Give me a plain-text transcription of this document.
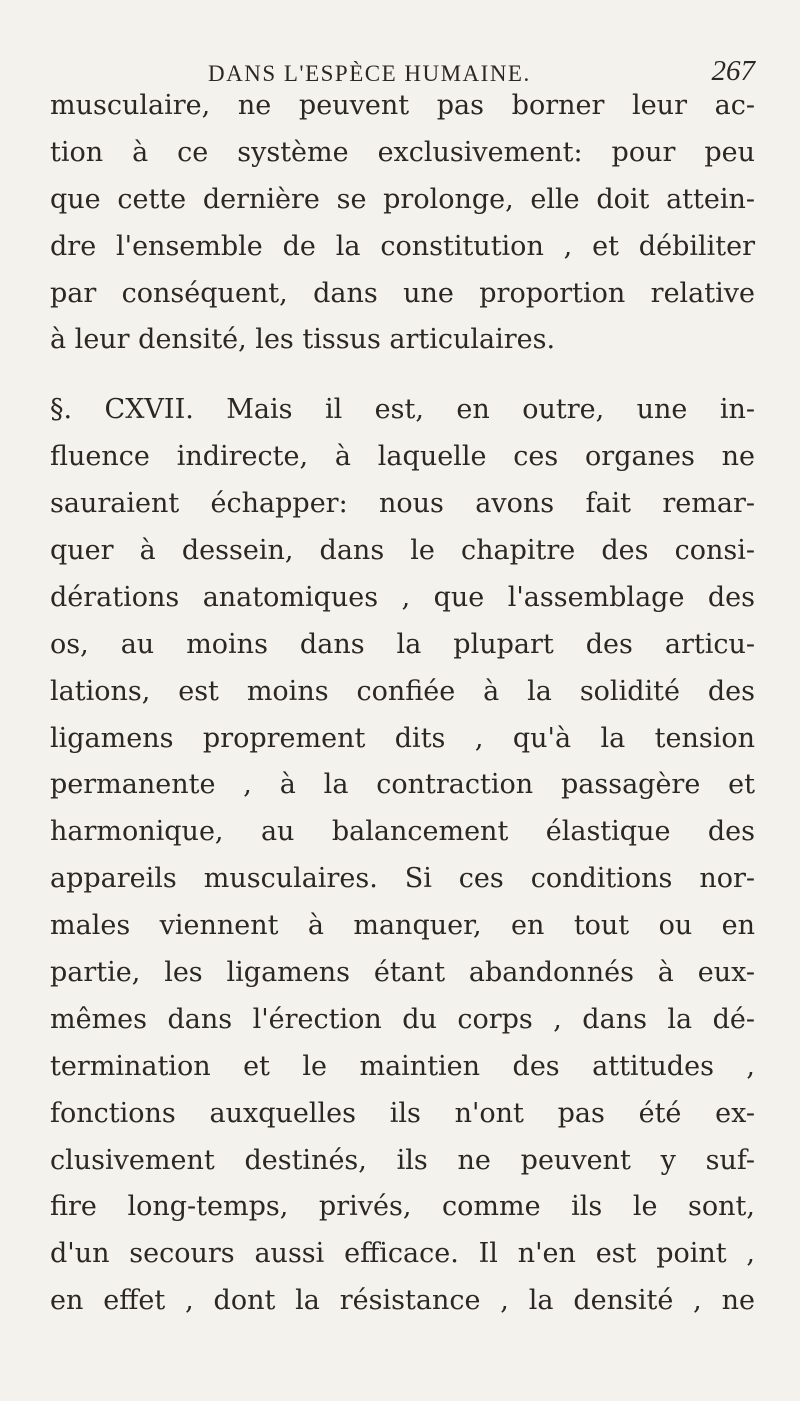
DANS L'ESPÈCE HUMAINE.	267
musculaire, ne peuvent pas borner leur ac-
tion à ce système exclusivement: pour peu
que cette dernière se prolonge, elle doit attein-
dre l'ensemble de la constitution , et débiliter
par conséquent, dans une proportion relative
à leur densité, les tissus articulaires.
§. CXVII. Mais il est, en outre, une in-
fluence indirecte, à laquelle ces organes ne
sauraient échapper: nous avons fait remar-
quer à dessein, dans le chapitre des consi-
dérations anatomiques , que l'assemblage des
os, au moins dans la plupart des articu-
lations, est moins confiée à la solidité des
ligamens proprement dits , qu'à la tension
permanente , à la contraction passagère et
harmonique, au balancement élastique des
appareils musculaires. Si ces conditions nor-
males viennent à manquer, en tout ou en
partie, les ligamens étant abandonnés à eux-
mêmes dans l'érection du corps , dans la dé-
termination et le maintien des attitudes ,
fonctions auxquelles ils n'ont pas été ex-
clusivement destinés, ils ne peuvent y suf-
fire long-temps, privés, comme ils le sont,
d'un secours aussi efficace. Il n'en est point ,
en effet , dont la résistance , la densité , ne
